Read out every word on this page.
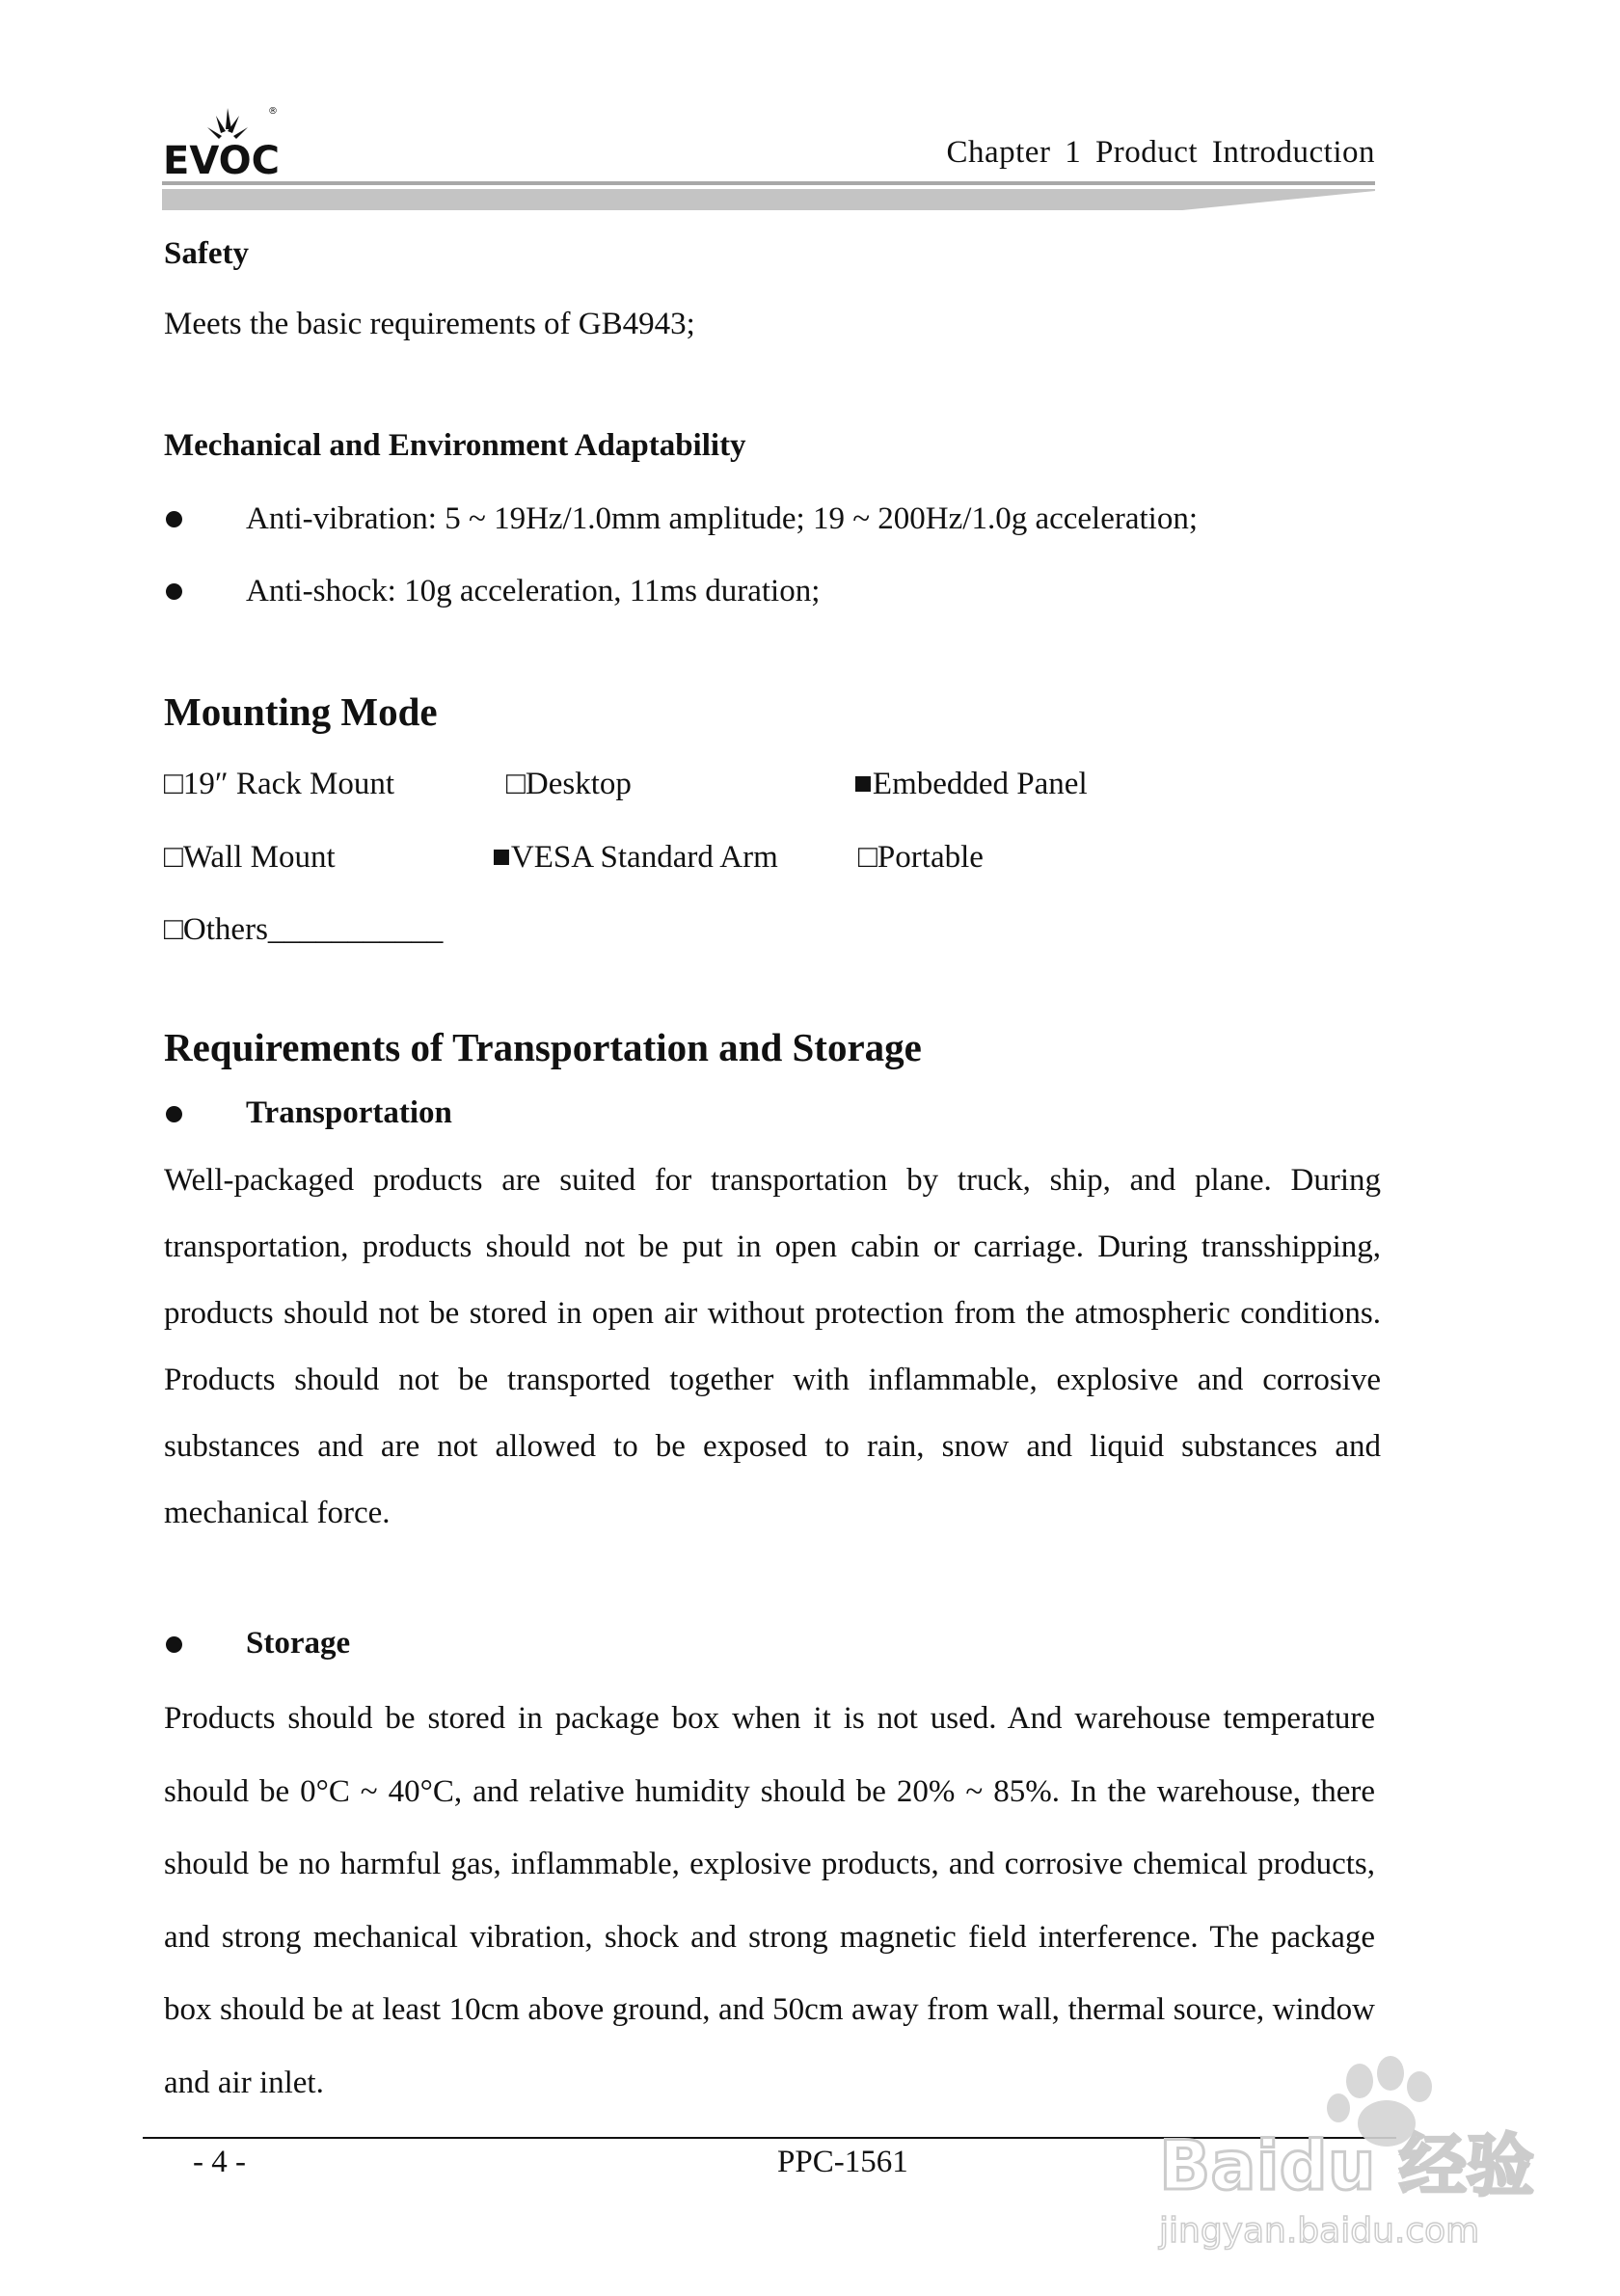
EVOC
®
Chapter 1 Product Introduction
Safety
Meets the basic requirements of GB4943;
Mechanical and Environment Adaptability
Anti-vibration: 5 ~ 19Hz/1.0mm amplitude; 19 ~ 200Hz/1.0g acceleration;
Anti-shock: 10g acceleration, 11ms duration;
Mounting Mode
□19″ Rack Mount	□Desktop	■Embedded Panel
□Wall Mount	■VESA Standard Arm	□Portable
□Others___________
Requirements of Transportation and Storage
Transportation

Well-packaged products are suited for transportation by truck, ship, and plane. During transportation, products should not be put in open cabin or carriage. During transshipping, products should not be stored in open air without protection from the atmospheric conditions. Products should not be transported together with inflammable, explosive and corrosive substances and are not allowed to be exposed to rain, snow and liquid substances and mechanical force.

Storage

Products should be stored in package box when it is not used. And warehouse temperature should be 0°C ~ 40°C, and relative humidity should be 20% ~ 85%. In the warehouse, there should be no harmful gas, inflammable, explosive products, and corrosive chemical products, and strong mechanical vibration, shock and strong magnetic field interference. The package box should be at least 10cm above ground, and 50cm away from wall, thermal source, window and air inlet.

- 4 -	PPC-1561	Baidu 经验
jingyan.baidu.com
